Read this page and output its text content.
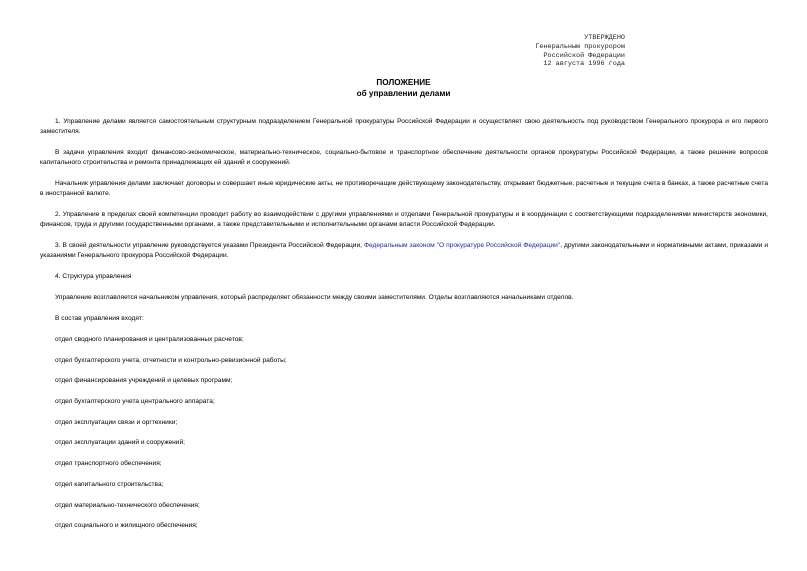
УТВЕРЖДЕНО
Генеральным прокурором
Российской Федерации
12 августа 1996 года
ПОЛОЖЕНИЕ
об управлении делами

1. Управление делами является самостоятельным структурным подразделением Генеральной прокуратуры Российской Федерации и осуществляет свою деятельность под руководством Генерального прокурора и его первого заместителя.

В задачи управления входит финансово-экономическое, материально-техническое, социально-бытовое и транспортное обеспечение деятельности органов прокуратуры Российской Федерации, а также решение вопросов капитального строительства и ремонта принадлежащих ей зданий и сооружений.

Начальник управления делами заключает договоры и совершает иные юридические акты, не противоречащие действующему законодательству, открывает бюджетные, расчетные и текущие счета в банках, а также расчетные счета в иностранной валюте.

2. Управление в пределах своей компетенции проводит работу во взаимодействии с другими управлениями и отделами Генеральной прокуратуры и в координации с соответствующими подразделениями министерств экономики, финансов, труда и другими государственными органами, а также представительными и исполнительными органами власти Российской Федерации.

3. В своей деятельности управление руководствуется указами Президента Российской Федерации, Федеральным законом "О прокуратуре Российской Федерации", другими законодательными и нормативными актами, приказами и указаниями Генерального прокурора Российской Федерации.

4. Структура управления

Управление возглавляется начальником управления, который распределяет обязанности между своими заместителями. Отделы возглавляются начальниками отделов.

В состав управления входят:

отдел сводного планирования и централизованных расчетов;
отдел бухгалтерского учета, отчетности и контрольно-ревизионной работы;
отдел финансирования учреждений и целевых программ;
отдел бухгалтерского учета центрального аппарата;
отдел эксплуатации связи и оргтехники;
отдел эксплуатации зданий и сооружений;
отдел транспортного обеспечения;
отдел капитального строительства;
отдел материально-технического обеспечения;
отдел социального и жилищного обеспечения;
